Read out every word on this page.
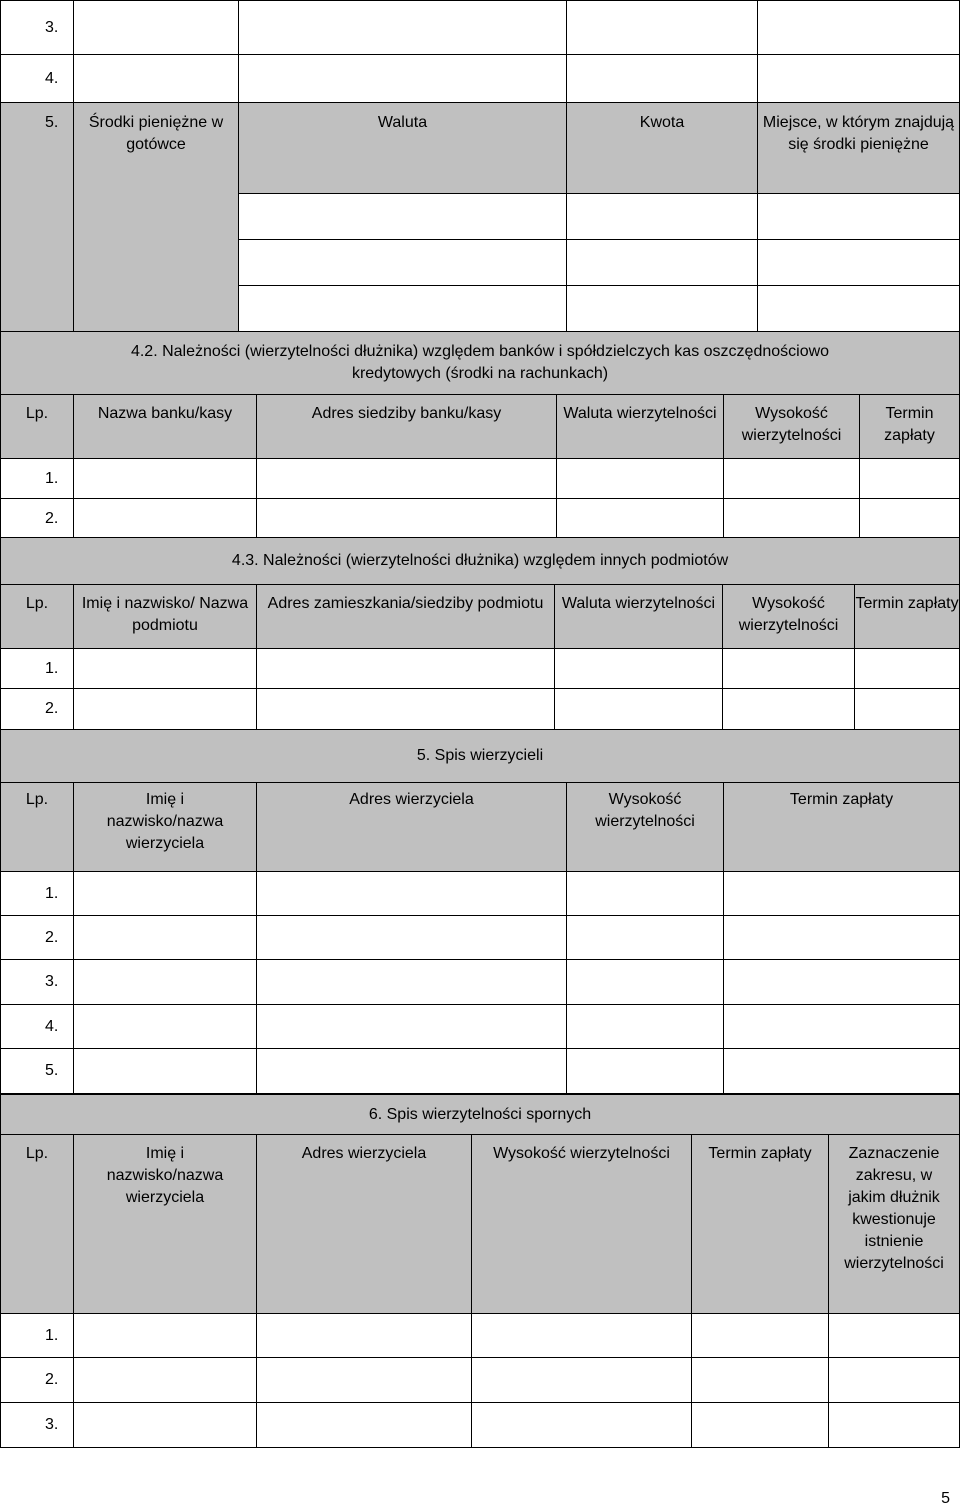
3.				
4.				
5.	Środki pieniężne w gotówce	Waluta	Kwota	Miejsce, w którym znajdują się środki pieniężne

4.2. Należności (wierzytelności dłużnika) względem banków i spółdzielczych kas oszczędnościowo kredytowych (środki na rachunkach)					
Lp.	Nazwa banku/kasy	Adres siedziby banku/kasy	Waluta wierzytelności	Wysokość wierzytelności	Termin zapłaty
1.					
2.					
4.3. Należności (wierzytelności dłużnika) względem innych podmiotów					
Lp.	Imię i nazwisko/ Nazwa podmiotu	Adres zamieszkania/siedziby podmiotu	Waluta wierzytelności	Wysokość wierzytelności	Termin zapłaty
1.					
2.					
5. Spis wierzycieli				
Lp.	Imię i nazwisko/nazwa wierzyciela	Adres wierzyciela	Wysokość wierzytelności	Termin zapłaty
1.				
2.				
3.				
4.				
5.				
6. Spis wierzytelności spornych					
Lp.	Imię i nazwisko/nazwa wierzyciela	Adres wierzyciela	Wysokość wierzytelności	Termin zapłaty	Zaznaczenie zakresu, w jakim dłużnik kwestionuje istnienie wierzytelności
1.					
2.					
3.					
5
